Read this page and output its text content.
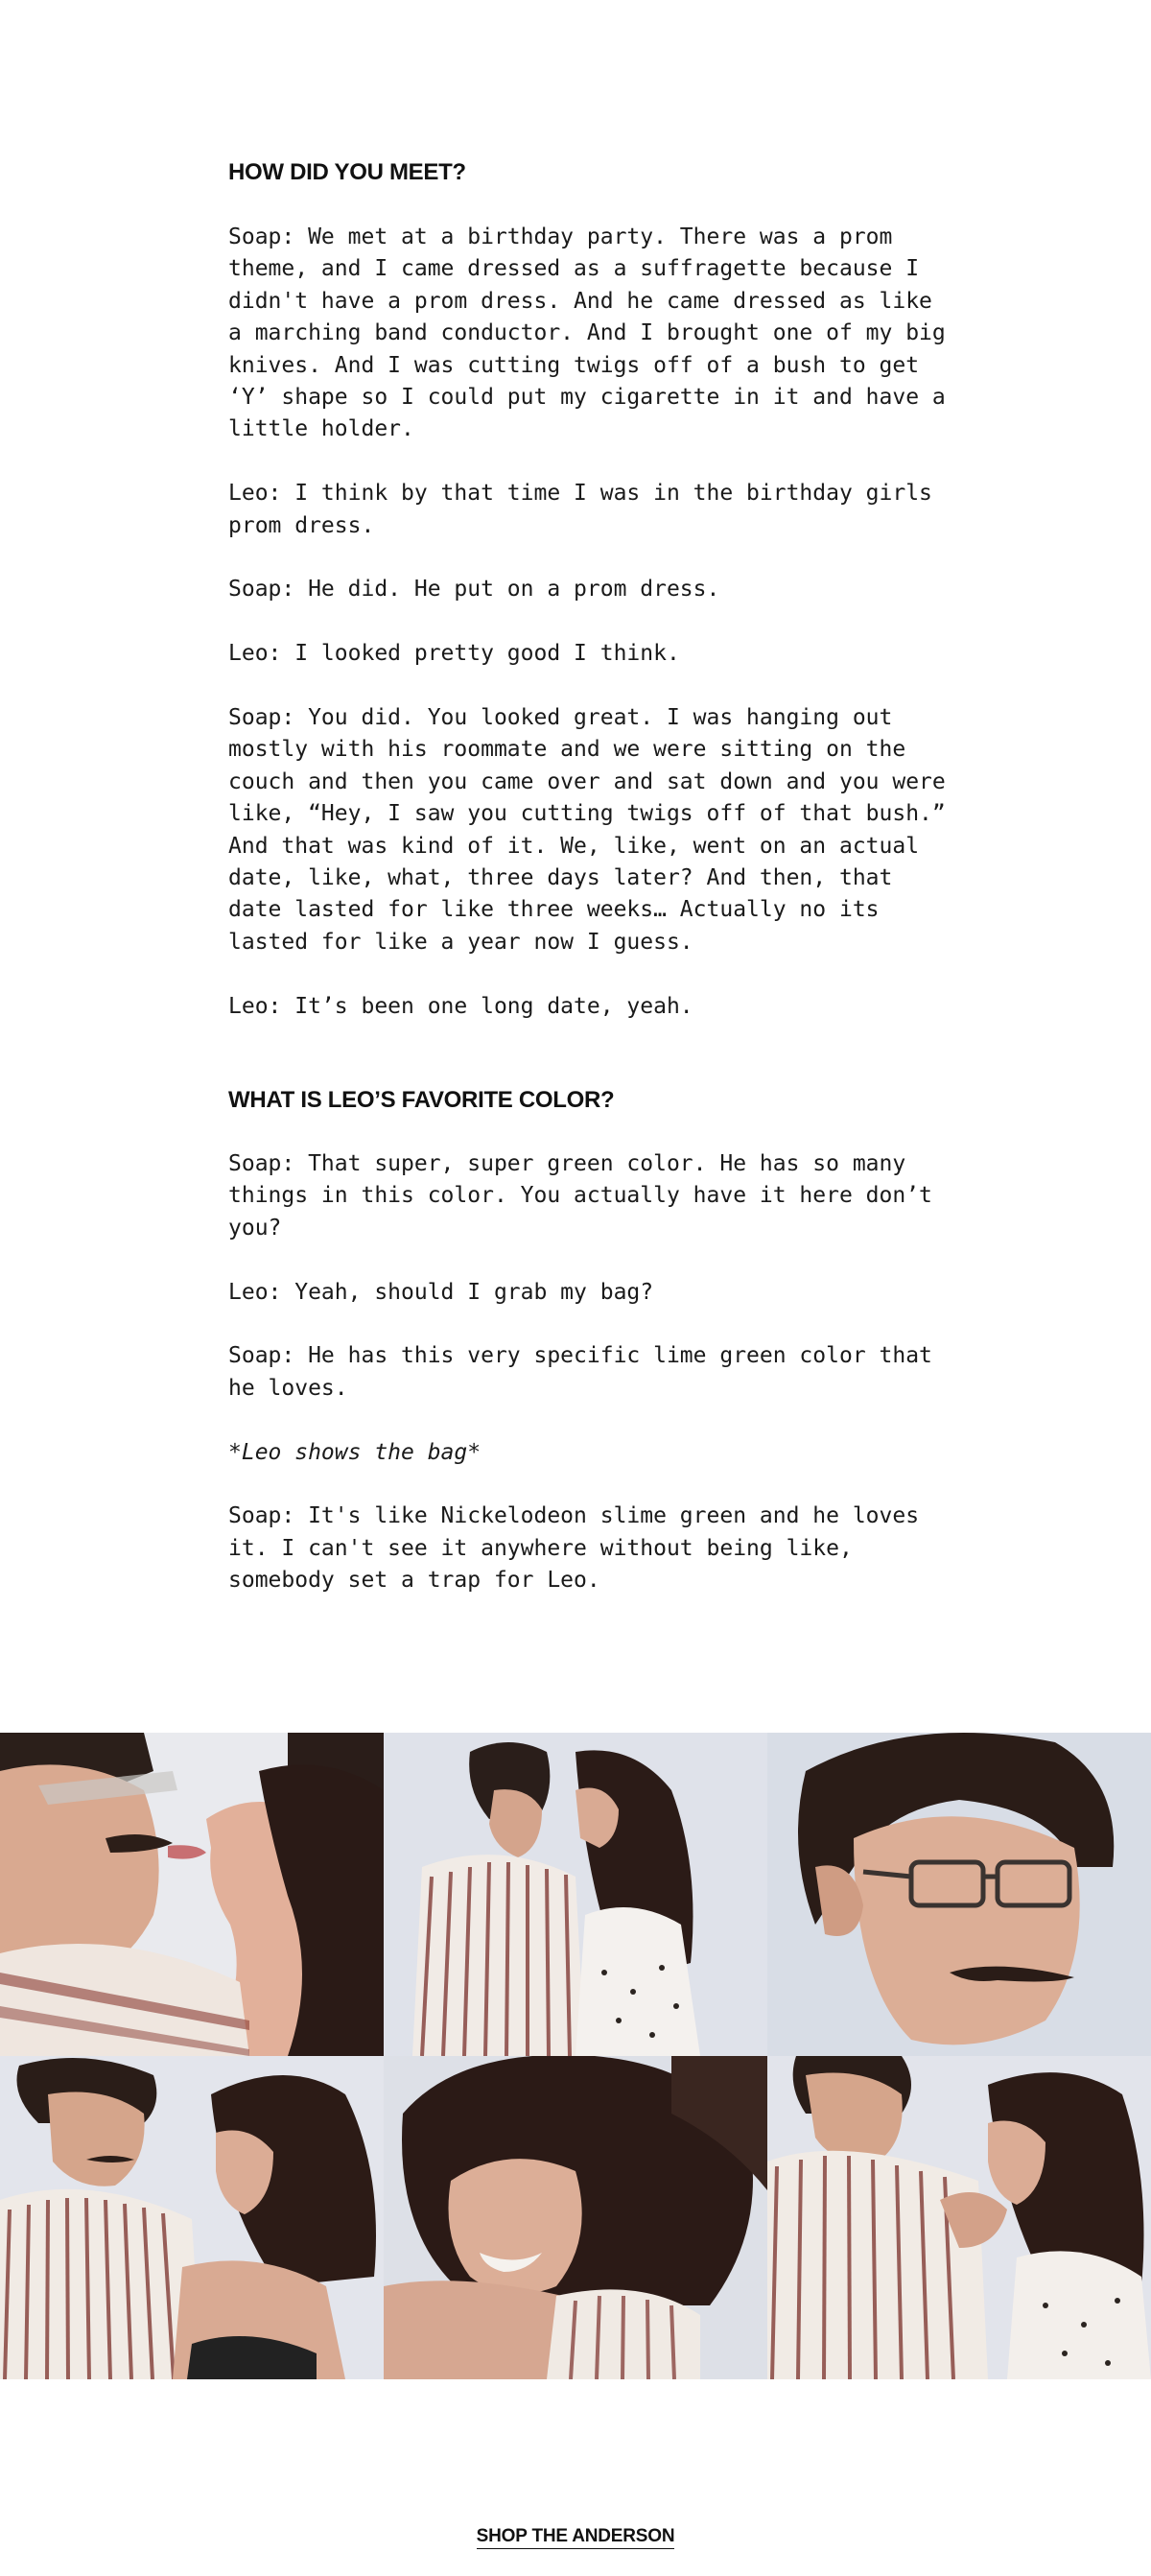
HOW DID YOU MEET?

Soap: We met at a birthday party. There was a prom theme, and I came dressed as a suffragette because I didn't have a prom dress. And he came dressed as like a marching band conductor. And I brought one of my big knives. And I was cutting twigs off of a bush to get ‘Y’ shape so I could put my cigarette in it and have a little holder.

Leo: I think by that time I was in the birthday girls prom dress.

Soap: He did. He put on a prom dress.

Leo: I looked pretty good I think.

Soap: You did. You looked great. I was hanging out mostly with his roommate and we were sitting on the couch and then you came over and sat down and you were like, “Hey, I saw you cutting twigs off of that bush.” And that was kind of it. We, like, went on an actual date, like, what, three days later? And then, that date lasted for like three weeks… Actually no its lasted for like a year now I guess.

Leo: It’s been one long date, yeah.

WHAT IS LEO’S FAVORITE COLOR?

Soap: That super, super green color. He has so many things in this color. You actually have it here don’t you?

Leo: Yeah, should I grab my bag?

Soap: He has this very specific lime green color that he loves.

*Leo shows the bag*

Soap: It's like Nickelodeon slime green and he loves it. I can't see it anywhere without being like, somebody set a trap for Leo.

SHOP THE ANDERSON
